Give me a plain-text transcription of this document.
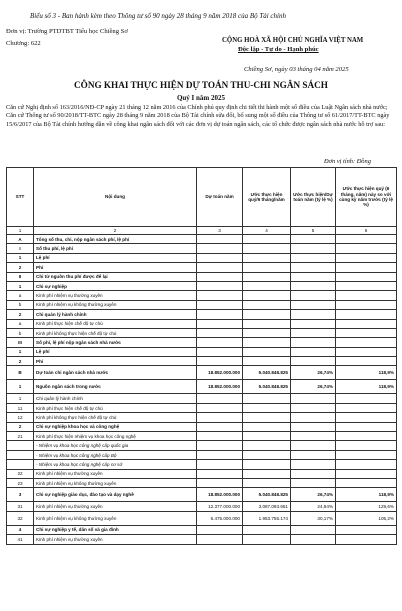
Biểu số 3 - Ban hành kèm theo Thông tư số 90 ngày 28 tháng 9 năm 2018 của Bộ Tài chính
Đơn vị: Trường PTDTBT Tiểu học Chiềng Sơ
Chương: 622	CỘNG HOÀ XÃ HỘI CHỦ NGHĨA VIỆT NAM
Độc lập - Tự do - Hạnh phúc
Chiềng Sơ, ngày 03 tháng 04 năm 2025
CÔNG KHAI THỰC HIỆN DỰ TOÁN THU-CHI NGÂN SÁCH
Quý I năm 2025

Căn cứ Nghị định số 163/2016/NĐ-CP ngày 21 tháng 12 năm 2016 của Chính phủ quy định chi tiết thi hành một số điều của Luật Ngân sách nhà nước;

Căn cứ Thông tư số 90/2018/TT-BTC ngày 28 tháng 9 năm 2018 của Bộ Tài chính sửa đổi, bổ sung một số điều của Thông tư số 61/2017/TT-BTC ngày 15/6/2017 của Bộ Tài chính hướng dẫn về công khai ngân sách đối với các đơn vị dự toán ngân sách, các tổ chức được ngân sách nhà nước hỗ trợ sau:

Đơn vị tính: Đồng
STT	Nội dung	Dự toán năm	Ước thực hiện quý/6 tháng/năm	Ước thực hiện/Dự toán năm (tỷ lệ %)	Ước thực hiện quý (6 tháng, năm) này so với cùng kỳ năm trước (tỷ lệ %)
1	2	3	4	5	6
A	Tổng số thu, chi, nộp ngân sách phí, lệ phí				
I	Số thu phí, lệ phí				
1	Lệ phí				
2	Phí				
II	Chi từ nguồn thu phí được để lại				
1	Chi sự nghiệp				
a	Kinh phí nhiệm vụ thường xuyên				
b	Kinh phí nhiệm vụ không thường xuyên				
2	Chi quản lý hành chính				
a	Kinh phí thực hiện chế độ tự chủ				
b	Kinh phí không thực hiện chế độ tự chủ				
III	Số phí, lệ phí nộp ngân sách nhà nước				
1	Lệ phí				
2	Phí				
B	Dự toán chi ngân sách nhà nước	18.852.000.000	5.040.848.825	26,74%	118,9%
1	Nguồn ngân sách trong nước	18.852.000.000	5.040.848.825	26,74%	118,9%
1	Chi quản lý hành chính				
11	Kinh phí thực hiện chế độ tự chủ				
12	Kinh phí không thực hiện chế độ tự chủ				
2	Chi sự nghiệp khoa học và công nghệ				
21	Kinh phí thực hiện nhiệm vụ khoa học công nghệ				
	- Nhiệm vụ khoa học công nghệ cấp quốc gia				
	- Nhiệm vụ khoa học công nghệ cấp Bộ				
	- Nhiệm vụ khoa học công nghệ cấp cơ sở				
22	Kinh phí nhiệm vụ thường xuyên				
23	Kinh phí nhiệm vụ không thường xuyên				
3	Chi sự nghiệp giáo dục, đào tạo và dạy nghề	18.852.000.000	5.040.848.825	26,74%	118,9%
31	Kinh phí nhiệm vụ thường xuyên	12.377.000.000	3.087.093.651	24,94%	129,6%
32	Kinh phí nhiệm vụ không thường xuyên	6.475.000.000	1.953.755.174	30,17%	105,2%
4	Chi sự nghiệp y tế, dân số và gia đình				
41	Kinh phí nhiệm vụ thường xuyên				
